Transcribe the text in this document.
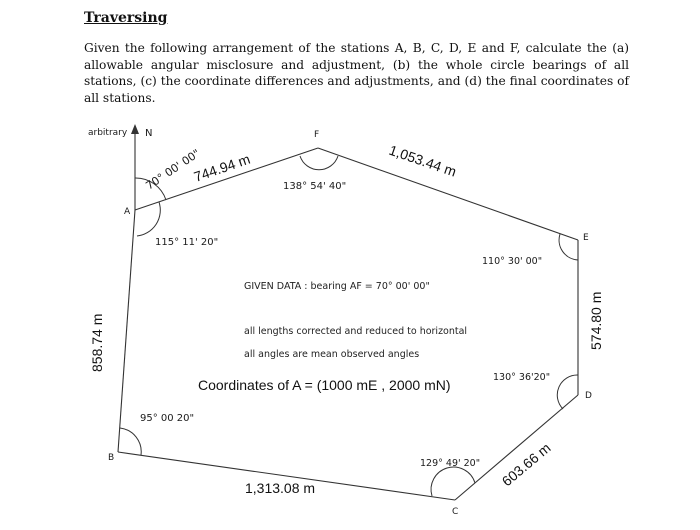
Traversing
Given the following arrangement of the stations A, B, C, D, E and F, calculate the (a) allowable angular misclosure and adjustment, (b) the whole circle bearings of all stations, (c) the coordinate differences and adjustments, and (d) the final coordinates of all stations.
arbitrary N
A
B
C
D
E
F
70° 00' 00"
744.94 m	1,053.44 m
574.80 m
603.66 m
1,313.08 m
858.74 m
115° 11' 20"
138° 54' 40"
110° 30' 00"
130° 36'20"
129° 49' 20"
95° 00 20"
GIVEN DATA : bearing AF = 70° 00' 00"
all lengths corrected and reduced to horizontal
all angles are mean observed angles
Coordinates of A = (1000 mE , 2000 mN)
